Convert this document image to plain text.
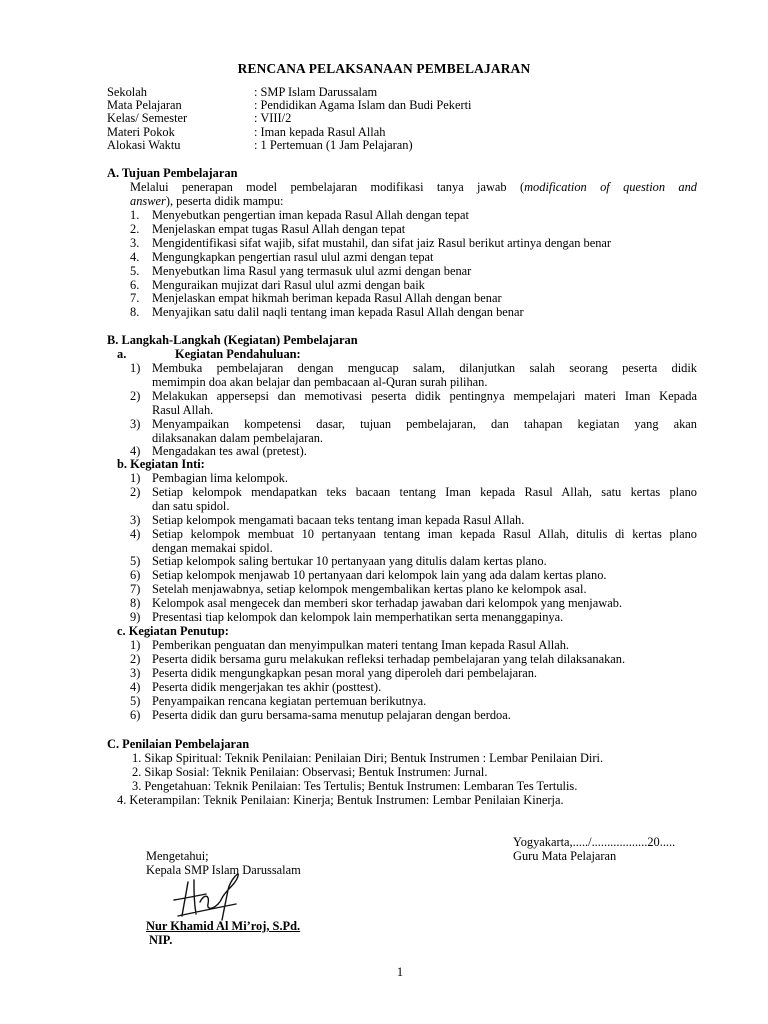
RENCANA PELAKSANAAN PEMBELAJARAN
Sekolah	: SMP Islam Darussalam
Mata Pelajaran	: Pendidikan Agama Islam dan Budi Pekerti
Kelas/ Semester	: VIII/2
Materi Pokok	: Iman kepada Rasul Allah
Alokasi Waktu	: 1 Pertemuan (1 Jam Pelajaran)
A. Tujuan Pembelajaran
Melalui penerapan model pembelajaran modifikasi tanya jawab (modification of question and
answer), peserta didik mampu:
1. Menyebutkan pengertian iman kepada Rasul Allah dengan tepat
2. Menjelaskan empat tugas Rasul Allah dengan tepat
3. Mengidentifikasi sifat wajib, sifat mustahil, dan sifat jaiz Rasul berikut artinya dengan benar
4. Mengungkapkan pengertian rasul ulul azmi dengan tepat
5. Menyebutkan lima Rasul yang termasuk ulul azmi dengan benar
6. Menguraikan mujizat dari Rasul ulul azmi dengan baik
7. Menjelaskan empat hikmah beriman kepada Rasul Allah dengan benar
8. Menyajikan satu dalil naqli tentang iman kepada Rasul Allah dengan benar
B. Langkah-Langkah (Kegiatan) Pembelajaran
a.	Kegiatan Pendahuluan:
1) Membuka pembelajaran dengan mengucap salam, dilanjutkan salah seorang peserta didik
memimpin doa akan belajar dan pembacaan al-Quran surah pilihan.
2) Melakukan appersepsi dan memotivasi peserta didik pentingnya mempelajari materi Iman Kepada
Rasul Allah.
3) Menyampaikan kompetensi dasar, tujuan pembelajaran, dan tahapan kegiatan yang akan
dilaksanakan dalam pembelajaran.
4) Mengadakan tes awal (pretest).
b. Kegiatan Inti:
1) Pembagian lima kelompok.
2) Setiap kelompok mendapatkan teks bacaan tentang Iman kepada Rasul Allah, satu kertas plano
dan satu spidol.
3) Setiap kelompok mengamati bacaan teks tentang iman kepada Rasul Allah.
4) Setiap kelompok membuat 10 pertanyaan tentang iman kepada Rasul Allah, ditulis di kertas plano
dengan memakai spidol.
5) Setiap kelompok saling bertukar 10 pertanyaan yang ditulis dalam kertas plano.
6) Setiap kelompok menjawab 10 pertanyaan dari kelompok lain yang ada dalam kertas plano.
7) Setelah menjawabnya, setiap kelompok mengembalikan kertas plano ke kelompok asal.
8) Kelompok asal mengecek dan memberi skor terhadap jawaban dari kelompok yang menjawab.
9) Presentasi tiap kelompok dan kelompok lain memperhatikan serta menanggapinya.
c. Kegiatan Penutup:
1) Pemberikan penguatan dan menyimpulkan materi tentang Iman kepada Rasul Allah.
2) Peserta didik bersama guru melakukan refleksi terhadap pembelajaran yang telah dilaksanakan.
3) Peserta didik mengungkapkan pesan moral yang diperoleh dari pembelajaran.
4) Peserta didik mengerjakan tes akhir (posttest).
5) Penyampaikan rencana kegiatan pertemuan berikutnya.
6) Peserta didik dan guru bersama-sama menutup pelajaran dengan berdoa.
C. Penilaian Pembelajaran
1. Sikap Spiritual: Teknik Penilaian: Penilaian Diri; Bentuk Instrumen : Lembar Penilaian Diri.
2. Sikap Sosial: Teknik Penilaian: Observasi; Bentuk Instrumen: Jurnal.
3. Pengetahuan: Teknik Penilaian: Tes Tertulis; Bentuk Instrumen: Lembaran Tes Tertulis.
4. Keterampilan: Teknik Penilaian: Kinerja; Bentuk Instrumen: Lembar Penilaian Kinerja.
Yogyakarta,...../..................20.....
Guru Mata Pelajaran
Mengetahui;
Kepala SMP Islam Darussalam
Nur Khamid Al Mi’roj, S.Pd.
NIP.
1
